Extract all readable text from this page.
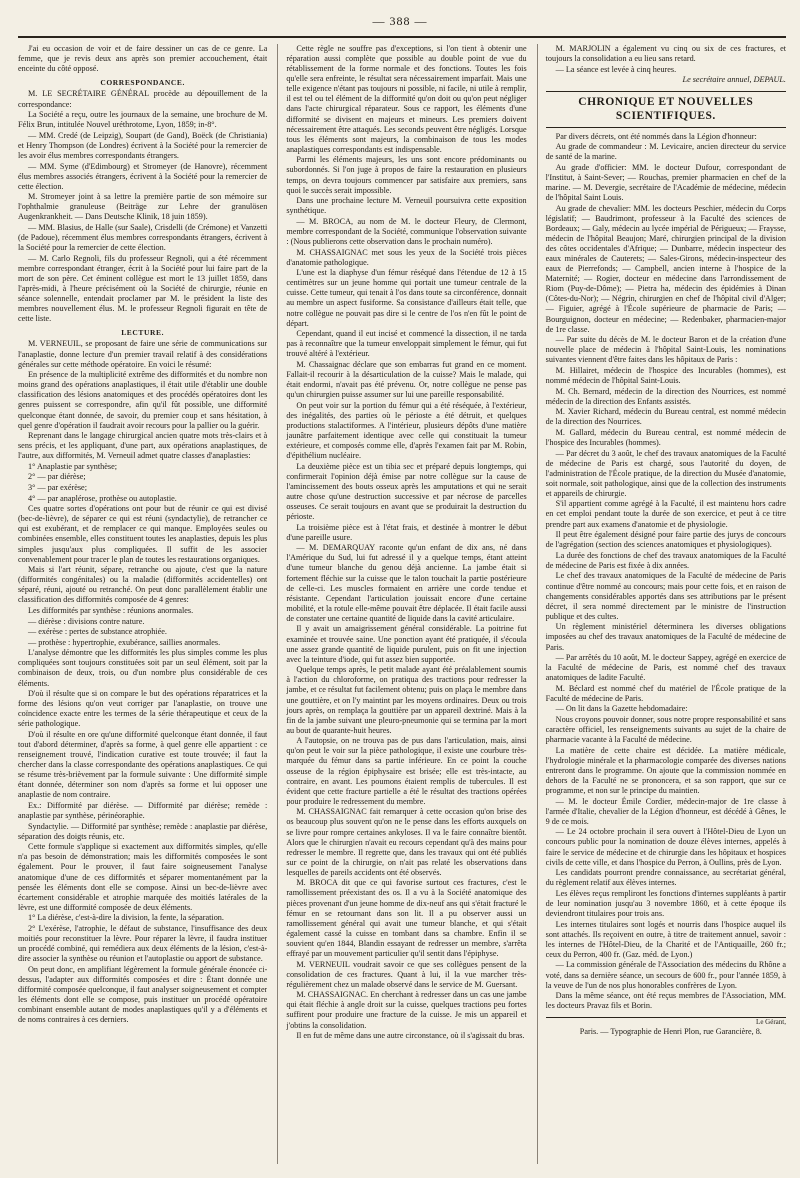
— 388 —

J'ai eu occasion de voir et de faire dessiner un cas de ce genre. La femme, que je revis deux ans après son premier accouchement, était enceinte du côté opposé.

CORRESPONDANCE.

M. LE SECRÉTAIRE GÉNÉRAL procède au dépouillement de la correspondance:

La Société a reçu, outre les journaux de la semaine, une brochure de M. Félix Brun, intitulée Nouvel uréthrotome, Lyon, 1859; in-8°.

— MM. Credé (de Leipzig), Soupart (de Gand), Boëck (de Christiania) et Henry Thompson (de Londres) écrivent à la Société pour la remercier de les avoir élus membres correspondants étrangers.

— MM. Syme (d'Edimbourg) et Stromeyer (de Hanovre), récemment élus membres associés étrangers, écrivent à la Société pour la remercier de cette élection.

M. Stromeyer joint à sa lettre la première partie de son mémoire sur l'ophthalmie granuleuse (Beiträge zur Lehre der granulösen Augenkrankheit. — Dans Deutsche Klinik, 18 juin 1859).

— MM. Blasius, de Halle (sur Saale), Crisdelli (de Crémone) et Vanzetti (de Padoue), récemment élus membres correspondants étrangers, écrivent à la Société pour la remercier de cette élection.

— M. Carlo Regnoli, fils du professeur Regnoli, qui a été récemment membre correspondant étranger, écrit à la Société pour lui faire part de la mort de son père. Cet éminent collègue est mort le 13 juillet 1859, dans l'après-midi, à l'heure précisément où la Société de chirurgie, réunie en séance solennelle, entendait proclamer par M. le président la liste des membres nouvellement élus. M. le professeur Regnoli figurait en tête de cette liste.

LECTURE.

M. VERNEUIL, se proposant de faire une série de communications sur l'anaplastie, donne lecture d'un premier travail relatif à des considérations générales sur cette méthode opératoire. En voici le résumé:

En présence de la multiplicité extrême des difformités et du nombre non moins grand des opérations anaplastiques, il était utile d'établir une double classification des lésions anatomiques et des procédés opératoires dont les genres puissent se correspondre, afin qu'il fût possible, une difformité quelconque étant donnée, de savoir, du premier coup et sans hésitation, à quel genre d'opération il faudrait avoir recours pour la pallier ou la guérir.

Reprenant dans le langage chirurgical ancien quatre mots très-clairs et à sens précis, et les appliquant, d'une part, aux opérations anaplastiques, de l'autre, aux difformités, M. Verneuil admet quatre classes d'anaplasties:

1° Anaplastie par synthèse;

2° — par diérèse;

3° — par exérèse;

4° — par anaplérose, prothèse ou autoplastie.

Ces quatre sortes d'opérations ont pour but de réunir ce qui est divisé (bec-de-lièvre), de séparer ce qui est réuni (syndactylie), de retrancher ce qui est exubérant, et de remplacer ce qui manque. Employées seules ou combinées ensemble, elles constituent toutes les anaplasties, depuis les plus simples jusqu'aux plus compliquées. Il suffit de les associer convenablement pour tracer le plan de toutes les restaurations organiques.

Mais si l'art réunit, sépare, retranche ou ajoute, c'est que la nature (difformités congénitales) ou la maladie (difformités accidentelles) ont séparé, réuni, ajouté ou retranché. On peut donc parallèlement établir une classification des difformités composée de 4 genres:

Les difformités par synthèse : réunions anormales.

— diérèse : divisions contre nature.

— exérèse : pertes de substance atrophiée.

— prothèse : hypertrophie, exubérance, saillies anormales.

L'analyse démontre que les difformités les plus simples comme les plus compliquées sont toujours constituées soit par un seul élément, soit par la combinaison de deux, trois, ou d'un nombre plus considérable de ces éléments.

D'où il résulte que si on compare le but des opérations réparatrices et la forme des lésions qu'on veut corriger par l'anaplastie, on trouve une coïncidence exacte entre les termes de la série thérapeutique et ceux de la série pathologique.

D'où il résulte en ore qu'une difformité quelconque étant donnée, il faut tout d'abord déterminer, d'après sa forme, à quel genre elle appartient : ce renseignement trouvé, l'indication curative est toute trouvée; il faut la chercher dans la classe correspondante des opérations anaplastiques. Ce qui se résume très-brièvement par la formule suivante : Une difformité simple étant donnée, déterminer son nom d'après sa forme et lui opposer une anaplastie de nom contraire.

Ex.: Difformité par diérèse. — Difformité par diérèse; remède : anaplastie par synthèse, périnéoraphie.

Syndactylie. — Difformité par synthèse; remède : anaplastie par diérèse, séparation des doigts réunis, etc.

Cette formule s'applique si exactement aux difformités simples, qu'elle n'a pas besoin de démonstration; mais les difformités composées le sont également. Pour le prouver, il faut faire soigneusement l'analyse anatomique d'une de ces difformités et séparer momentanément par la pensée les éléments dont elle se compose. Ainsi un bec-de-lièvre avec écartement considérable et atrophie marquée des moitiés latérales de la lèvre, est une difformité composée de deux éléments.

1° La diérèse, c'est-à-dire la division, la fente, la séparation.

2° L'exérèse, l'atrophie, le défaut de substance, l'insuffisance des deux moitiés pour reconstituer la lèvre. Pour réparer la lèvre, il faudra instituer un procédé combiné, qui remédiera aux deux éléments de la lésion, c'est-à-dire associer la synthèse ou réunion et l'autoplastie ou apport de substance.

On peut donc, en amplifiant légèrement la formule générale énoncée ci-dessus, l'adapter aux difformités composées et dire : Étant donnée une difformité composée quelconque, il faut analyser soigneusement et compter les éléments dont elle se compose, puis instituer un procédé opératoire combinant ensemble autant de modes anaplastiques qu'il y a d'éléments et de noms contraires à ces derniers.

Cette règle ne souffre pas d'exceptions, si l'on tient à obtenir une réparation aussi complète que possible au double point de vue du rétablissement de la forme normale et des fonctions. Toutes les fois qu'elle sera enfreinte, le résultat sera nécessairement imparfait. Mais une telle exigence n'étant pas toujours ni possible, ni facile, ni utile à remplir, il est tel ou tel élément de la difformité qu'on doit ou qu'on peut négliger dans l'acte chirurgical réparateur. Sous ce rapport, les éléments d'une difformité se divisent en majeurs et mineurs. Les premiers doivent nécessairement être attaqués. Les seconds peuvent être négligés. Lorsque tous les éléments sont majeurs, la combinaison de tous les modes anaplastiques correspondants est indispensable.

Parmi les éléments majeurs, les uns sont encore prédominants ou subordonnés. Si l'on juge à propos de faire la restauration en plusieurs temps, on devra toujours commencer par satisfaire aux premiers, sans quoi le succès serait impossible.

Dans une prochaine lecture M. Verneuil poursuivra cette exposition synthétique.

— M. BROCA, au nom de M. le docteur Fleury, de Clermont, membre correspondant de la Société, communique l'observation suivante : (Nous publierons cette observation dans le prochain numéro).

M. CHASSAIGNAC met sous les yeux de la Société trois pièces d'anatomie pathologique.

L'une est la diaphyse d'un fémur réséqué dans l'étendue de 12 à 15 centimètres sur un jeune homme qui portait une tumeur centrale de la cuisse. Cette tumeur, qui tenait à l'os dans toute sa circonférence, donnait au membre un aspect fusiforme. Sa consistance d'ailleurs était telle, que notre collègue ne pouvait pas dire si le centre de l'os n'en fût le point de départ.

Cependant, quand il eut incisé et commencé la dissection, il ne tarda pas à reconnaître que la tumeur enveloppait simplement le fémur, qui fut trouvé altéré à l'extérieur.

M. Chassaignac déclare que son embarras fut grand en ce moment. Fallait-il recourir à la désarticulation de la cuisse? Mais le malade, qui était endormi, n'avait pas été prévenu. Or, notre collègue ne pense pas qu'un chirurgien puisse assumer sur lui une pareille responsabilité.

On peut voir sur la portion du fémur qui a été réséquée, à l'extérieur, des inégalités, des parties où le périoste a été détruit, et quelques productions stalactiformes. A l'intérieur, plusieurs dépôts d'une matière jaunâtre parfaitement identique avec celle qui constituait la tumeur extérieure, et composés comme elle, d'après l'examen fait par M. Robin, d'épithélium nucléaire.

La deuxième pièce est un tibia sec et préparé depuis longtemps, qui confirmerait l'opinion déjà émise par notre collègue sur la cause de l'amincissement des bouts osseux après les amputations et qui ne serait autre chose qu'une destruction successive et par nécrose de parcelles osseuses. Ce serait toujours en avant que se produirait la destruction du périoste.

La troisième pièce est à l'état frais, et destinée à montrer le début d'une pareille usure.

— M. DEMARQUAY raconte qu'un enfant de dix ans, né dans l'Amérique du Sud, lui fut adressé il y a quelque temps, étant atteint d'une tumeur blanche du genou déjà ancienne. La jambe était si fortement fléchie sur la cuisse que le talon touchait la partie postérieure de celle-ci. Les muscles formaient en arrière une corde tendue et résistante. Cependant l'articulation jouissait encore d'une certaine mobilité, et la rotule elle-même pouvait être déplacée. Il était facile aussi de constater une certaine quantité de liquide dans la cavité articulaire.

Il y avait un amaigrissement général considérable. La poitrine fut examinée et trouvée saine. Une ponction ayant été pratiquée, il s'écoula une assez grande quantité de liquide purulent, puis on fit une injection avec la teinture d'iode, qui fut assez bien supportée.

Quelque temps après, le petit malade ayant été préalablement soumis à l'action du chloroforme, on pratiqua des tractions pour redresser la jambe, et ce résultat fut facilement obtenu; puis on plaça le membre dans une gouttière, et on l'y maintint par les moyens ordinaires. Deux ou trois jours après, on remplaça la gouttière par un appareil dextriné. Mais à la fin de la jambe suivant une pleuro-pneumonie qui se termina par la mort au bout de quarante-huit heures.

A l'autopsie, on ne trouva pas de pus dans l'articulation, mais, ainsi qu'on peut le voir sur la pièce pathologique, il existe une courbure très-marquée du fémur dans sa partie inférieure. En ce point la couche osseuse de la région épiphysaire est brisée; elle est très-intacte, au contraire, en avant. Les poumons étaient remplis de tubercules. Il est évident que cette fracture partielle a été le résultat des tractions opérées pour produire le redressement du membre.

M. CHASSAIGNAC fait remarquer à cette occasion qu'on brise des os beaucoup plus souvent qu'on ne le pense dans les efforts auxquels on se livre pour rompre certaines ankyloses. Il va le faire connaître bientôt. Alors que le chirurgien n'avait eu recours cependant qu'à des mains pour redresser le membre. Il regrette que, dans les travaux qui ont été publiés sur ce point de la chirurgie, on n'ait pas relaté les observations dans lesquelles de pareils accidents ont été observés.

M. BROCA dit que ce qui favorise surtout ces fractures, c'est le ramollissement préexistant des os. Il a vu à la Société anatomique des pièces provenant d'un jeune homme de dix-neuf ans qui s'était fracturé le fémur en se retournant dans son lit. Il a pu observer aussi un ramollissement général qui avait une tumeur blanche, et qui s'était également cassé la cuisse en tombant dans sa chambre. Enfin il se souvient qu'en 1844, Blandin essayant de redresser un membre, s'arrêta effrayé par un mouvement particulier qu'il sentit dans l'épiphyse.

M. VERNEUIL voudrait savoir ce que ses collègues pensent de la consolidation de ces fractures. Quant à lui, il la vue marcher très-régulièrement chez un malade observé dans le service de M. Guersant.

M. CHASSAIGNAC. En cherchant à redresser dans un cas une jambe qui était fléchie à angle droit sur la cuisse, quelques tractions peu fortes suffirent pour produire une fracture de la cuisse. Je mis un appareil et j'obtins la consolidation.

Il en fut de même dans une autre circonstance, où il s'agissait du bras.

M. MARJOLIN a également vu cinq ou six de ces fractures, et toujours la consolidation a eu lieu sans retard.

— La séance est levée à cinq heures.

Le secrétaire annuel, DEPAUL.

CHRONIQUE ET NOUVELLES SCIENTIFIQUES.

Par divers décrets, ont été nommés dans la Légion d'honneur:

Au grade de commandeur : M. Levicaire, ancien directeur du service de santé de la marine.

Au grade d'officier: MM. le docteur Dufour, correspondant de l'Institut, à Saint-Sever; — Rouchas, premier pharmacien en chef de la marine. — M. Devergie, secrétaire de l'Académie de médecine, médecin de l'hôpital Saint Louis.

Au grade de chevalier: MM. les docteurs Peschier, médecin du Corps législatif; — Baudrimont, professeur à la Faculté des sciences de Bordeaux; — Galy, médecin au lycée impérial de Périgueux; — Fraysse, médecin de l'hôpital Beaujon; Maré, chirurgien principal de la division des côtes occidentales d'Afrique; — Dunbarre, médecin inspecteur des eaux minérales de Cauterets; — Sales-Girons, médecin-inspecteur des eaux de Pierrefonds; — Campbell, ancien interne à l'hospice de la Maternité; — Rogier, docteur en médecine dans l'arrondissement de Riom (Puy-de-Dôme); — Pietra ha, médecin des épidémies à Dinan (Côtes-du-Nor); — Négrin, chirurgien en chef de l'hôpital civil d'Alger; — Figuier, agrégé à l'École supérieure de pharmacie de Paris; — Bourguignon, docteur en médecine; — Redenbaker, pharmacien-major de 1re classe.

— Par suite du décès de M. le docteur Baron et de la création d'une nouvelle place de médecin à l'hôpital Saint-Louis, les nominations suivantes viennent d'être faites dans les hôpitaux de Paris :

M. Hillairet, médecin de l'hospice des Incurables (hommes), est nommé médecin de l'hôpital Saint-Louis.

M. Ch. Bernard, médecin de la direction des Nourrices, est nommé médecin de la direction des Enfants assistés.

M. Xavier Richard, médecin du Bureau central, est nommé médecin de la direction des Nourrices.

M. Gallard, médecin du Bureau central, est nommé médecin de l'hospice des Incurables (hommes).

— Par décret du 3 août, le chef des travaux anatomiques de la Faculté de médecine de Paris est chargé, sous l'autorité du doyen, de l'administration de l'École pratique, de la direction du Musée d'anatomie, soit normale, soit pathologique, ainsi que de la collection des instruments et appareils de chirurgie.

S'il appartient comme agrégé à la Faculté, il est maintenu hors cadre en cet emploi pendant toute la durée de son exercice, et peut à ce titre prendre part aux examens d'anatomie et de physiologie.

Il peut être également désigné pour faire partie des jurys de concours de l'agrégation (section des sciences anatomiques et physiologiques).

La durée des fonctions de chef des travaux anatomiques de la Faculté de médecine de Paris est fixée à dix années.

Le chef des travaux anatomiques de la Faculté de médecine de Paris continue d'être nommé au concours; mais pour cette fois, et en raison de changements considérables apportés dans ses attributions par le présent décret, il sera nommé directement par le ministre de l'instruction publique et des cultes.

Un règlement ministériel déterminera les diverses obligations imposées au chef des travaux anatomiques de la Faculté de médecine de Paris.

— Par arrêtés du 10 août, M. le docteur Sappey, agrégé en exercice de la Faculté de médecine de Paris, est nommé chef des travaux anatomiques de ladite Faculté.

M. Béclard est nommé chef du matériel de l'École pratique de la Faculté de médecine de Paris.

— On lit dans la Gazette hebdomadaire:

Nous croyons pouvoir donner, sous notre propre responsabilité et sans caractère officiel, les renseignements suivants au sujet de la chaire de pharmacie vacante à la Faculté de médecine.

La matière de cette chaire est décidée. La matière médicale, l'hydrologie minérale et la pharmacologie comparée des diverses nations entreront dans le programme. On ajoute que la commission nommée en dehors de la Faculté ne se prononcera, et sa son rapport, que sur ce programme, et non sur le principe du maintien.

— M. le docteur Émile Cordier, médecin-major de 1re classe à l'armée d'Italie, chevalier de la Légion d'honneur, est décédé à Gênes, le 9 de ce mois.

— Le 24 octobre prochain il sera ouvert à l'Hôtel-Dieu de Lyon un concours public pour la nomination de douze élèves internes, appelés à faire le service de médecine et de chirurgie dans les hôpitaux et hospices civils de cette ville, et dans l'hospice du Perron, à Oullins, près de Lyon.

Les candidats pourront prendre connaissance, au secrétariat général, du règlement relatif aux élèves internes.

Les élèves reçus rempliront les fonctions d'internes suppléants à partir de leur nomination jusqu'au 3 novembre 1860, et à cette époque ils deviendront titulaires pour trois ans.

Les internes titulaires sont logés et nourris dans l'hospice auquel ils sont attachés. Ils reçoivent en outre, à titre de traitement annuel, savoir : les internes de l'Hôtel-Dieu, de la Charité et de l'Antiquaille, 260 fr.; ceux du Perron, 400 fr. (Gaz. méd. de Lyon.)

— La commission générale de l'Association des médecins du Rhône a voté, dans sa dernière séance, un secours de 600 fr., pour l'année 1859, à la veuve de l'un de nos plus honorables confrères de Lyon.

Dans la même séance, ont été reçus membres de l'Association, MM. les docteurs Pravaz fils et Borin.

Le Gérant,

Paris. — Typographie de Henri Plon, rue Garancière, 8.
